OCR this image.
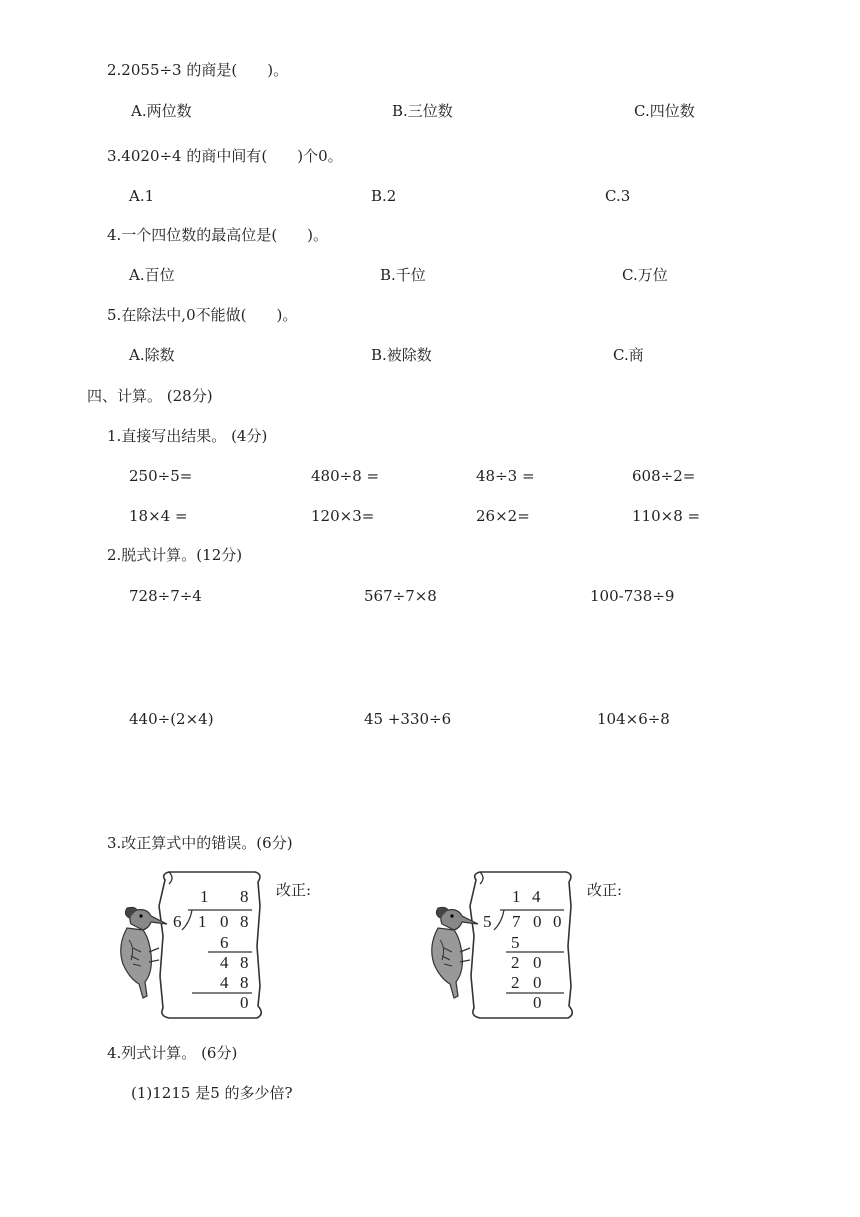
2.2055÷3 的商是(　　)。
A.两位数	B.三位数	C.四位数
3.4020÷4 的商中间有(　　)个0。
A.1	B.2	C.3
4.一个四位数的最高位是(　　)。
A.百位	B.千位	C.万位
5.在除法中,0不能做(　　)。
A.除数	B.被除数	C.商
四、计算。 (28分)
1.直接写出结果。 (4分)
250÷5=	480÷8 =	48÷3 =	608÷2=
18×4 =	120×3=	26×2=	110×8 =
2.脱式计算。(12分)
728÷7÷4	567÷7×8	100-738÷9
440÷(2×4)	45 +330÷6	104×6÷8
3.改正算式中的错误。(6分)
6
1 8
1 0 8
6
4 8
4 8
0
改正:
5
1 4
7 0 0
5
2 0
2 0
0
改正:
4.列式计算。 (6分)
(1)1215 是5 的多少倍?
